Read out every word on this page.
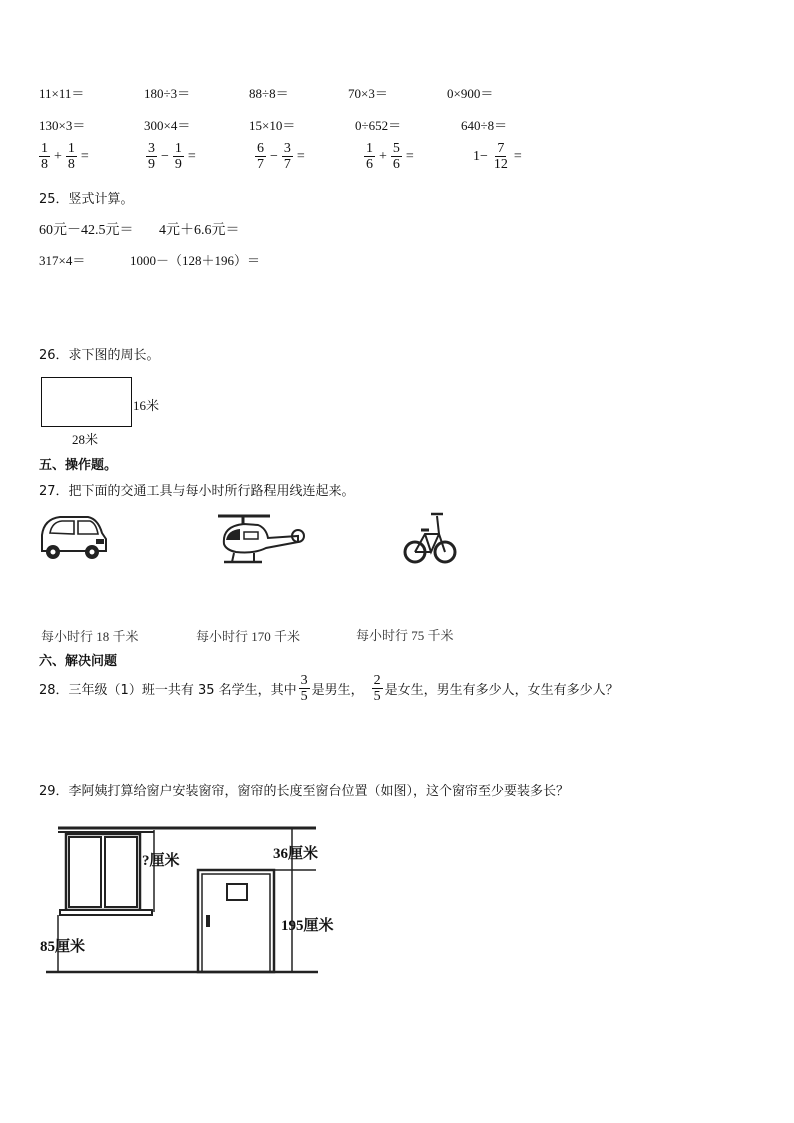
11×11＝	180÷3＝	88÷8＝	70×3＝	0×900＝
130×3＝	300×4＝	15×10＝	0÷652＝	640÷8＝
$\frac{1}{8} + \frac{1}{8}$ =	$\frac{3}{9} - \frac{1}{9}$ =	$\frac{6}{7} - \frac{3}{7}$ =	$\frac{1}{6} + \frac{5}{6}$ =	$1- \frac{7}{12}$ =
25．竖式计算。
60元－42.5元＝ 4元＋6.6元＝
317×4＝	1000－（128＋196）＝
26．求下图的周长。
16米
28米
五、操作题。
27．把下面的交通工具与每小时所行路程用线连起来。
每小时行 18 千米	每小时行 170 千米	每小时行 75 千米
六、解决问题
28．三年级（1）班一共有 35 名学生，其中 $\frac{3}{5}$ 是男生， $\frac{2}{5}$ 是女生，男生有多少人，女生有多少人？
29．李阿姨打算给窗户安装窗帘，窗帘的长度至窗台位置（如图），这个窗帘至少要装多长？
?厘米	36厘米
195厘米
85厘米
